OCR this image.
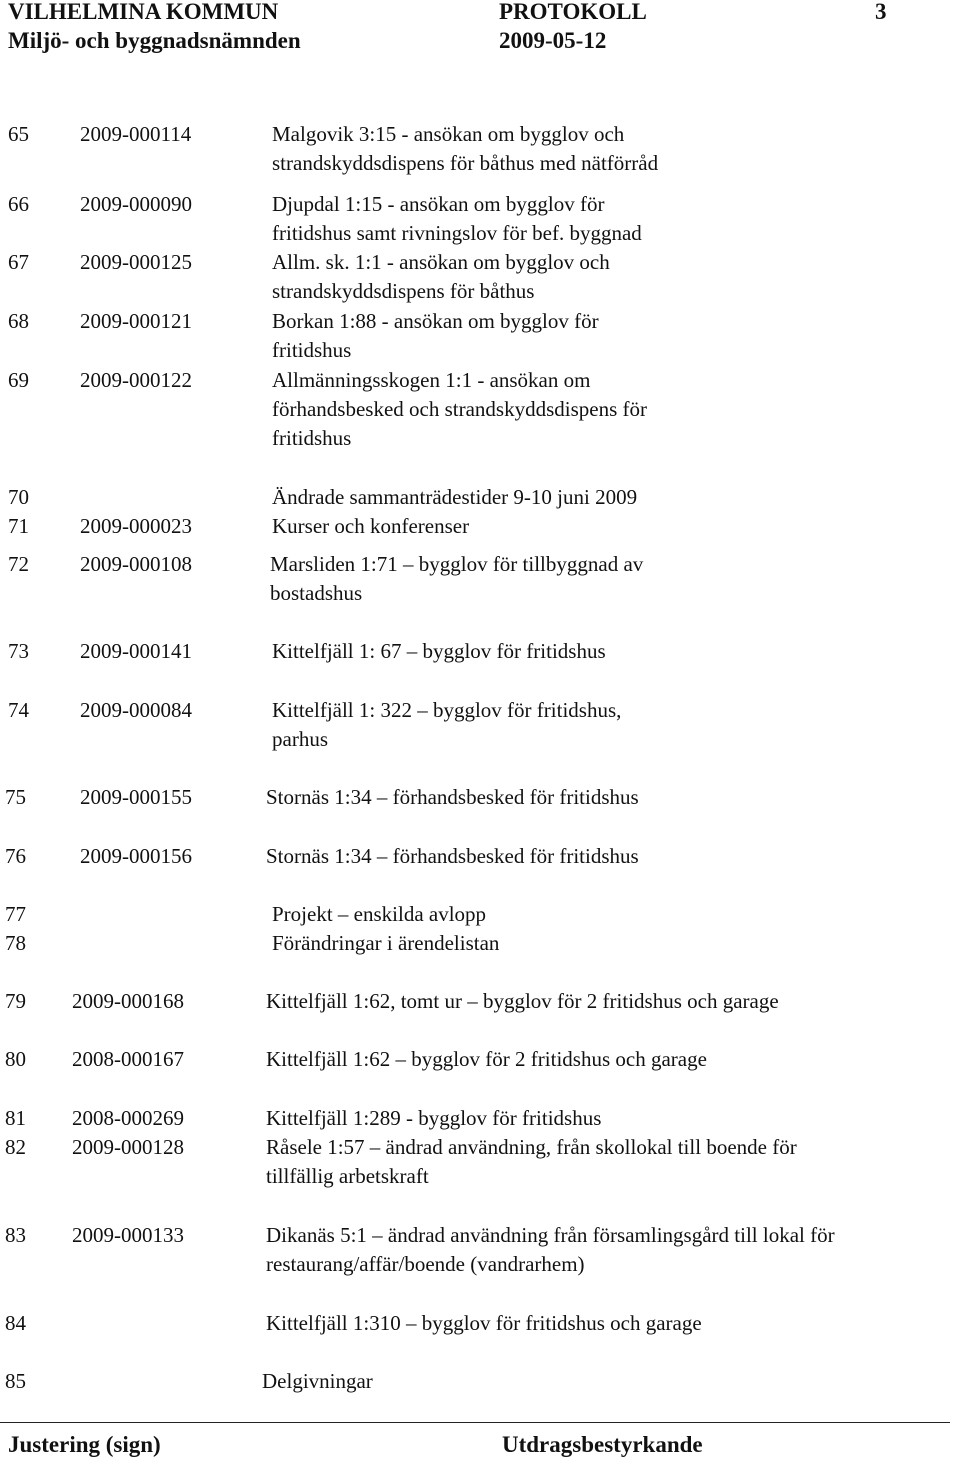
VILHELMINA KOMMUN
Miljö- och byggnadsnämnden
PROTOKOLL
2009-05-12
3
65 2009-000114	Malgovik 3:15 - ansökan om bygglov och
strandskyddsdispens för båthus med nätförråd
66 2009-000090	Djupdal 1:15 - ansökan om bygglov för
fritidshus samt rivningslov för bef. byggnad
67 2009-000125	Allm. sk. 1:1 - ansökan om bygglov och
strandskyddsdispens för båthus
68 2009-000121	Borkan 1:88 - ansökan om bygglov för
fritidshus
69 2009-000122	Allmänningsskogen 1:1 - ansökan om
förhandsbesked och strandskyddsdispens för
fritidshus
70	Ändrade sammanträdestider 9-10 juni 2009
71 2009-000023	Kurser och konferenser
72 2009-000108	Marsliden 1:71 – bygglov för tillbyggnad av
bostadshus
73 2009-000141	Kittelfjäll 1: 67 – bygglov för fritidshus
74 2009-000084	Kittelfjäll 1: 322 – bygglov för fritidshus,
parhus
75	2009-000155	Stornäs 1:34 – förhandsbesked för fritidshus
76	2009-000156	Stornäs 1:34 – förhandsbesked för fritidshus
77	Projekt – enskilda avlopp
78	Förändringar i ärendelistan
79 2009-000168	Kittelfjäll 1:62, tomt ur – bygglov för 2 fritidshus och garage
80 2008-000167	Kittelfjäll 1:62 – bygglov för 2 fritidshus och garage
81 2008-000269	Kittelfjäll 1:289 - bygglov för fritidshus
82 2009-000128	Råsele 1:57 – ändrad användning, från skollokal till boende för
tillfällig arbetskraft
83 2009-000133	Dikanäs 5:1 – ändrad användning från församlingsgård till lokal för
restaurang/affär/boende (vandrarhem)
84	Kittelfjäll 1:310 – bygglov för fritidshus och garage
85	Delgivningar
Justering (sign)	Utdragsbestyrkande
